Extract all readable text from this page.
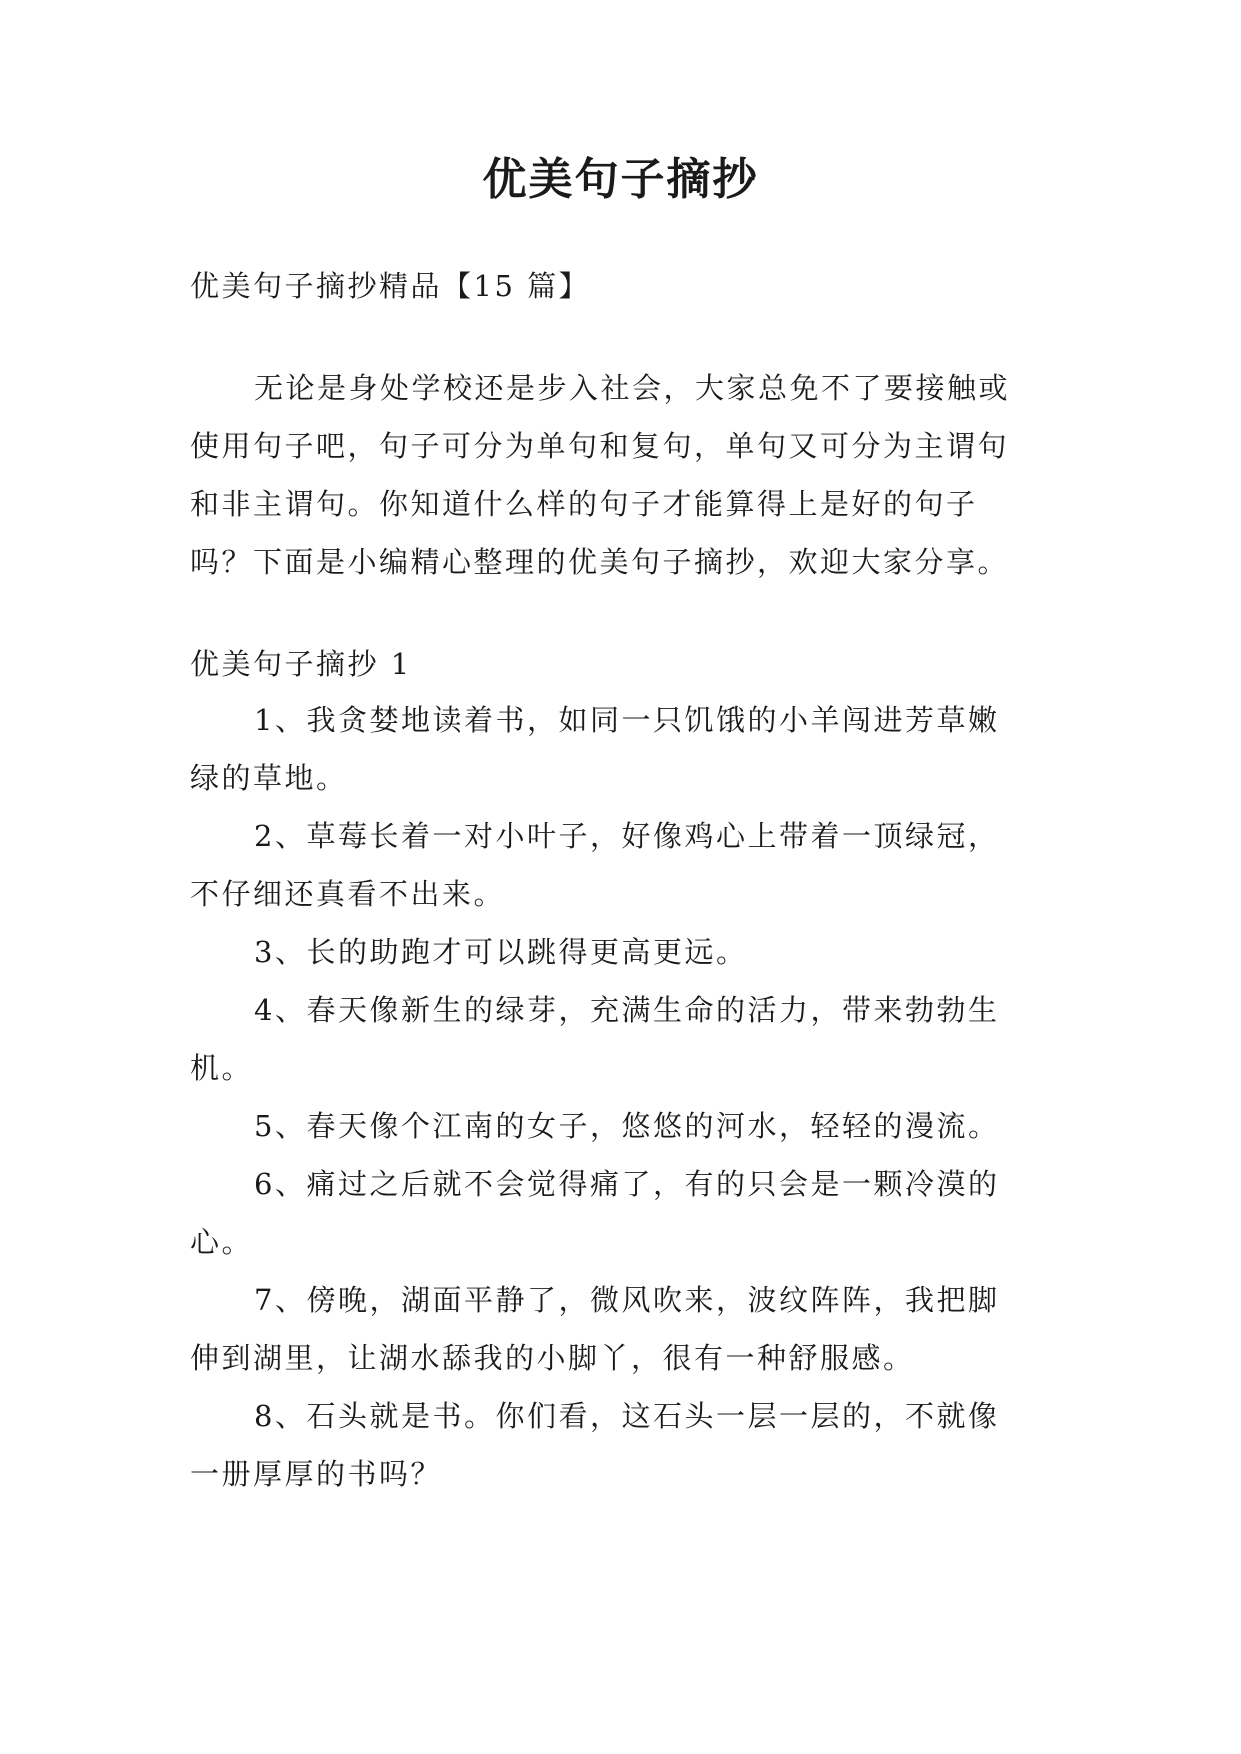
优美句子摘抄
优美句子摘抄精品【15 篇】
无论是身处学校还是步入社会，大家总免不了要接触或
使用句子吧，句子可分为单句和复句，单句又可分为主谓句
和非主谓句。你知道什么样的句子才能算得上是好的句子
吗？下面是小编精心整理的优美句子摘抄，欢迎大家分享。
优美句子摘抄 1
1、我贪婪地读着书，如同一只饥饿的小羊闯进芳草嫩
绿的草地。
2、草莓长着一对小叶子，好像鸡心上带着一顶绿冠，
不仔细还真看不出来。
3、长的助跑才可以跳得更高更远。
4、春天像新生的绿芽，充满生命的活力，带来勃勃生
机。
5、春天像个江南的女子，悠悠的河水，轻轻的漫流。
6、痛过之后就不会觉得痛了，有的只会是一颗冷漠的
心。
7、傍晚，湖面平静了，微风吹来，波纹阵阵，我把脚
伸到湖里，让湖水舔我的小脚丫，很有一种舒服感。
8、石头就是书。你们看，这石头一层一层的，不就像
一册厚厚的书吗？
